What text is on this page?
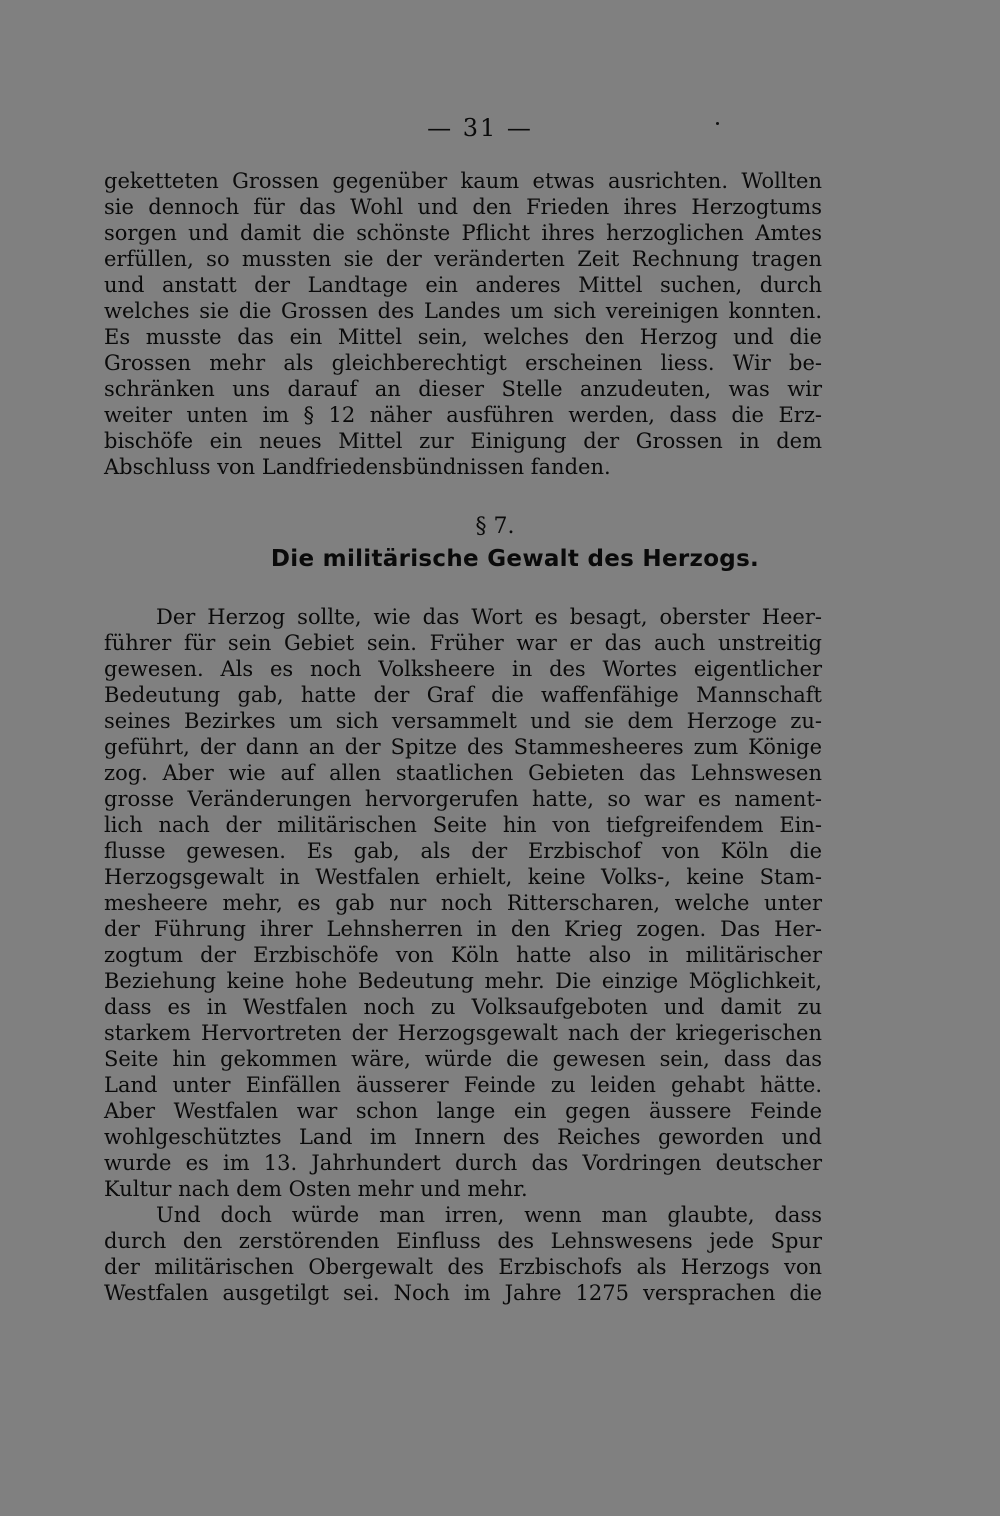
— 31 —
geketteten Grossen gegenüber kaum etwas ausrichten. Wollten
sie dennoch für das Wohl und den Frieden ihres Herzogtums
sorgen und damit die schönste Pflicht ihres herzoglichen Amtes
erfüllen, so mussten sie der veränderten Zeit Rechnung tragen
und anstatt der Landtage ein anderes Mittel suchen, durch
welches sie die Grossen des Landes um sich vereinigen konnten.
Es musste das ein Mittel sein, welches den Herzog und die
Grossen mehr als gleichberechtigt erscheinen liess. Wir be-
schränken uns darauf an dieser Stelle anzudeuten, was wir
weiter unten im § 12 näher ausführen werden, dass die Erz-
bischöfe ein neues Mittel zur Einigung der Grossen in dem
Abschluss von Landfriedensbündnissen fanden.
§ 7.
Die militärische Gewalt des Herzogs.
Der Herzog sollte, wie das Wort es besagt, oberster Heer-
führer für sein Gebiet sein. Früher war er das auch unstreitig
gewesen. Als es noch Volksheere in des Wortes eigentlicher
Bedeutung gab, hatte der Graf die waffenfähige Mannschaft
seines Bezirkes um sich versammelt und sie dem Herzoge zu-
geführt, der dann an der Spitze des Stammesheeres zum Könige
zog. Aber wie auf allen staatlichen Gebieten das Lehnswesen
grosse Veränderungen hervorgerufen hatte, so war es nament-
lich nach der militärischen Seite hin von tiefgreifendem Ein-
flusse gewesen. Es gab, als der Erzbischof von Köln die
Herzogsgewalt in Westfalen erhielt, keine Volks-, keine Stam-
mesheere mehr, es gab nur noch Ritterscharen, welche unter
der Führung ihrer Lehnsherren in den Krieg zogen. Das Her-
zogtum der Erzbischöfe von Köln hatte also in militärischer
Beziehung keine hohe Bedeutung mehr. Die einzige Möglichkeit,
dass es in Westfalen noch zu Volksaufgeboten und damit zu
starkem Hervortreten der Herzogsgewalt nach der kriegerischen
Seite hin gekommen wäre, würde die gewesen sein, dass das
Land unter Einfällen äusserer Feinde zu leiden gehabt hätte.
Aber Westfalen war schon lange ein gegen äussere Feinde
wohlgeschütztes Land im Innern des Reiches geworden und
wurde es im 13. Jahrhundert durch das Vordringen deutscher
Kultur nach dem Osten mehr und mehr.
Und doch würde man irren, wenn man glaubte, dass
durch den zerstörenden Einfluss des Lehnswesens jede Spur
der militärischen Obergewalt des Erzbischofs als Herzogs von
Westfalen ausgetilgt sei. Noch im Jahre 1275 versprachen die
